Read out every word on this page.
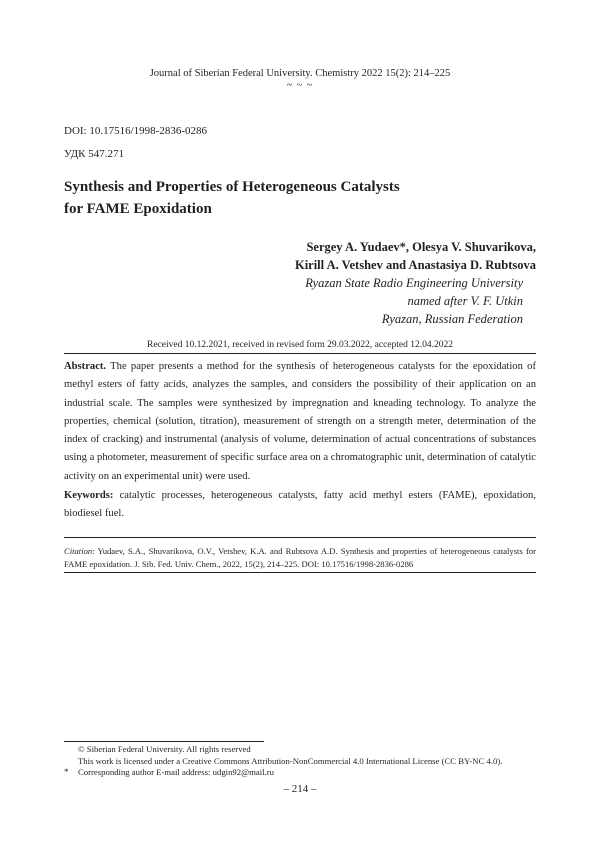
Journal of Siberian Federal University. Chemistry 2022 15(2): 214–225
~ ~ ~
DOI: 10.17516/1998-2836-0286
УДК 547.271
Synthesis and Properties of Heterogeneous Catalysts
for FAME Epoxidation
Sergey A. Yudaev*, Olesya V. Shuvarikova,
Kirill A. Vetshev and Anastasiya D. Rubtsova
Ryazan State Radio Engineering University
named after V. F. Utkin
Ryazan, Russian Federation
Received 10.12.2021, received in revised form 29.03.2022, accepted 12.04.2022
Abstract. The paper presents a method for the synthesis of heterogeneous catalysts for the epoxidation of methyl esters of fatty acids, analyzes the samples, and considers the possibility of their application on an industrial scale. The samples were synthesized by impregnation and kneading technology. To analyze the properties, chemical (solution, titration), measurement of strength on a strength meter, determination of the index of cracking) and instrumental (analysis of volume, determination of actual concentrations of substances using a photometer, measurement of specific surface area on a chromatographic unit, determination of catalytic activity on an experimental unit) were used.
Keywords: catalytic processes, heterogeneous catalysts, fatty acid methyl esters (FAME), epoxidation, biodiesel fuel.
Citation: Yudaev, S.A., Shuvarikova, O.V., Vetshev, K.A. and Rubtsova A.D. Synthesis and properties of heterogeneous catalysts for FAME epoxidation. J. Sib. Fed. Univ. Chem., 2022, 15(2), 214–225. DOI: 10.17516/1998-2836-0286
© Siberian Federal University. All rights reserved
This work is licensed under a Creative Commons Attribution-NonCommercial 4.0 International License (CC BY-NC 4.0).
* Corresponding author E-mail address: udgin92@mail.ru
– 214 –
